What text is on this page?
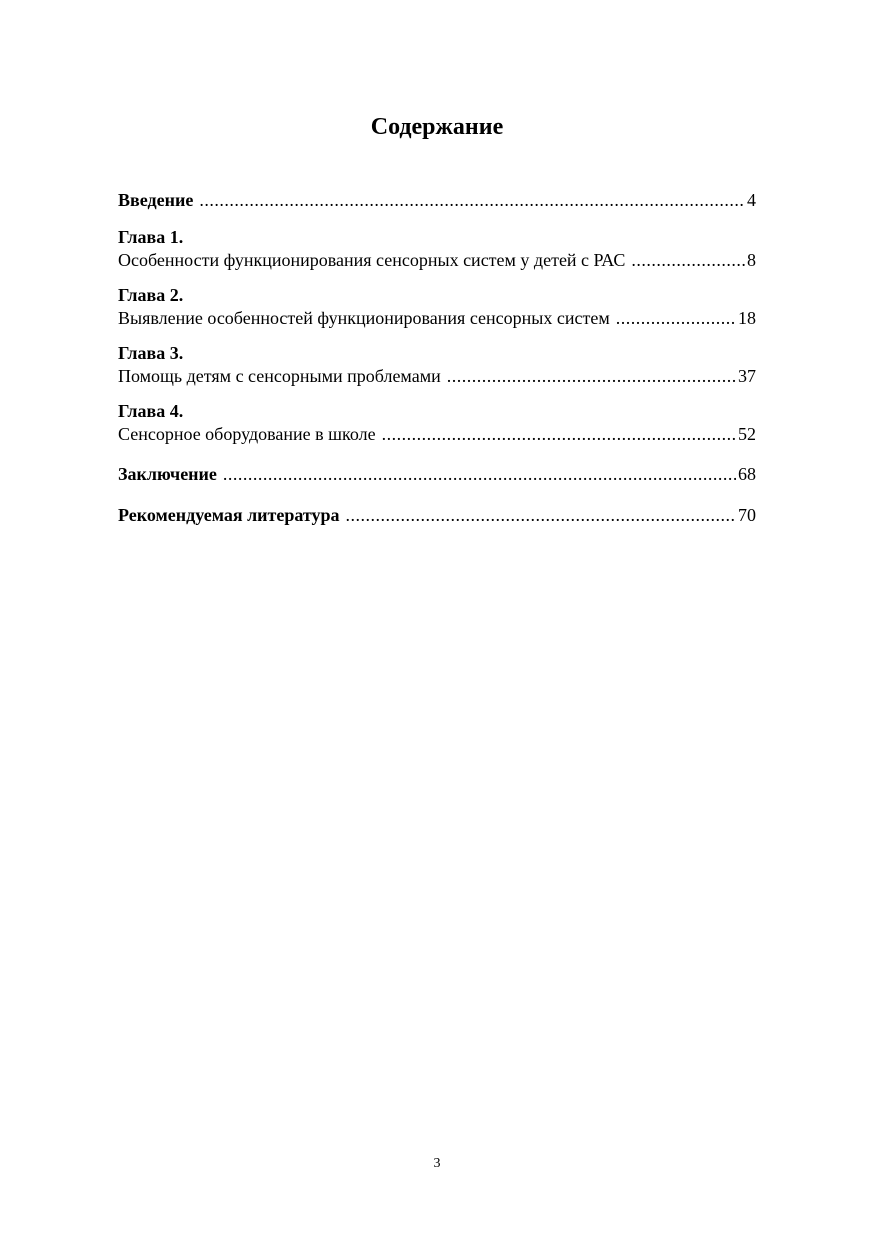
Содержание
Введение .....	4
Глава 1.
Особенности функционирования сенсорных систем у детей с РАС .....	8
Глава 2.
Выявление особенностей функционирования сенсорных систем .....	18
Глава 3.
Помощь детям с сенсорными проблемами .....	37
Глава 4.
Сенсорное оборудование в школе .....	52
Заключение .....	68
Рекомендуемая литература .....	70
3
